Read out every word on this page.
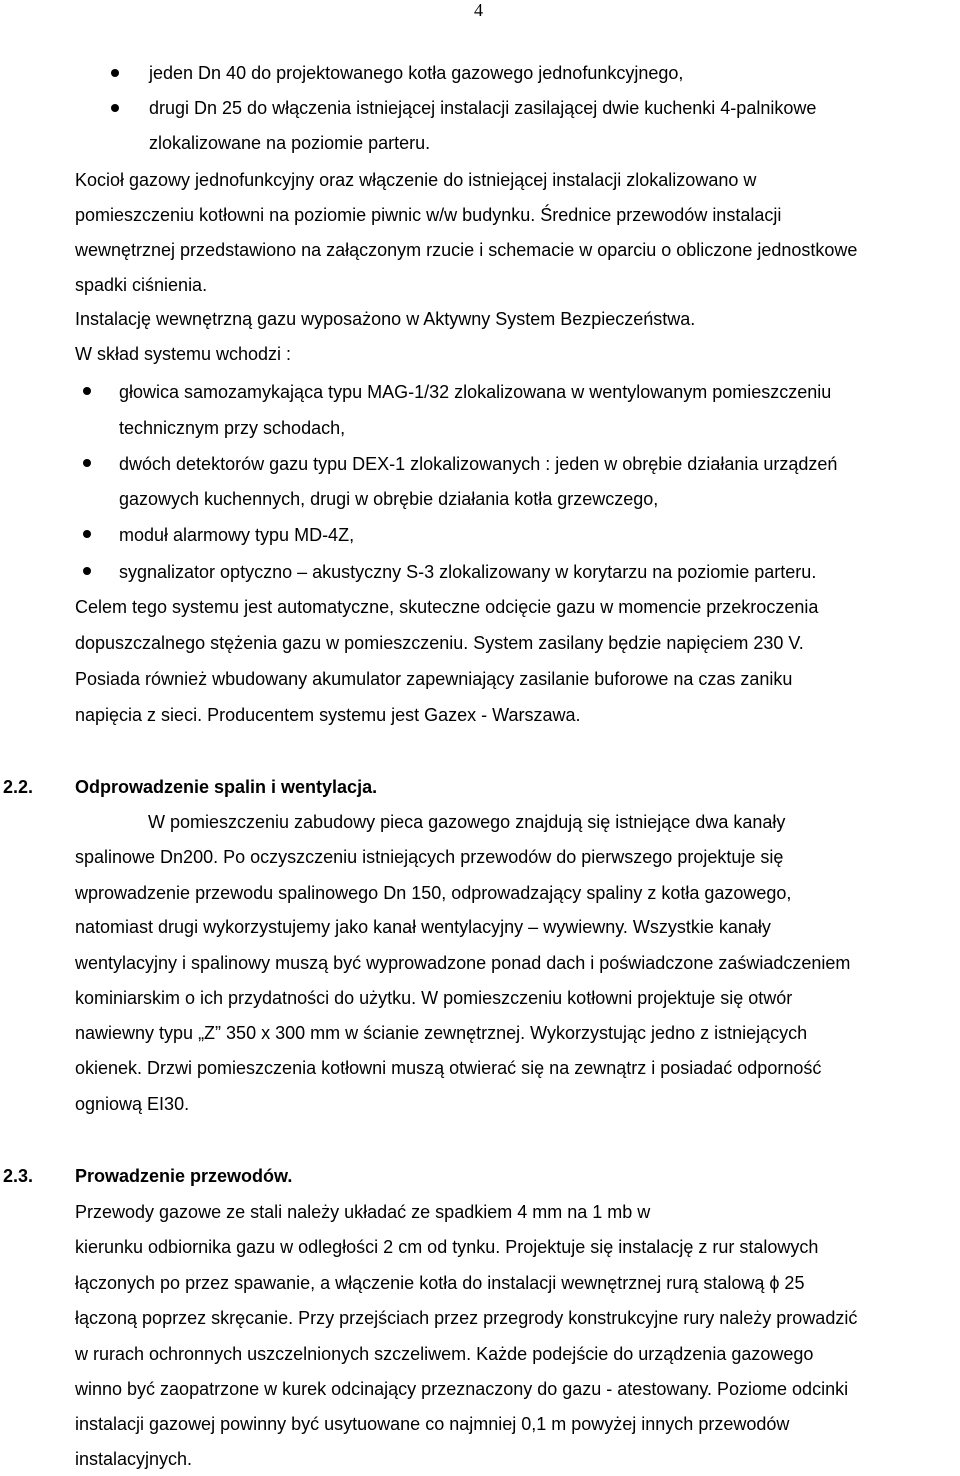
4
jeden Dn 40 do projektowanego kotła gazowego jednofunkcyjnego,
drugi Dn 25 do włączenia istniejącej instalacji zasilającej dwie kuchenki 4-palnikowe
zlokalizowane na poziomie parteru.
Kocioł gazowy jednofunkcyjny oraz włączenie do istniejącej instalacji zlokalizowano w
pomieszczeniu kotłowni na poziomie piwnic w/w budynku. Średnice przewodów instalacji
wewnętrznej przedstawiono na załączonym rzucie i schemacie w oparciu o obliczone jednostkowe
spadki ciśnienia.
Instalację wewnętrzną gazu wyposażono w Aktywny System Bezpieczeństwa.
W skład systemu wchodzi :
głowica samozamykająca typu MAG-1/32 zlokalizowana w wentylowanym pomieszczeniu
technicznym przy schodach,
dwóch detektorów gazu typu DEX-1 zlokalizowanych : jeden w obrębie działania urządzeń
gazowych kuchennych, drugi w obrębie działania kotła grzewczego,
moduł alarmowy typu MD-4Z,
sygnalizator optyczno – akustyczny S-3 zlokalizowany w korytarzu na poziomie parteru.
Celem tego systemu jest automatyczne, skuteczne odcięcie gazu w momencie przekroczenia
dopuszczalnego stężenia gazu w pomieszczeniu. System zasilany będzie napięciem 230 V.
Posiada również wbudowany akumulator zapewniający zasilanie buforowe na czas zaniku
napięcia z sieci. Producentem systemu jest Gazex - Warszawa.
2.2. Odprowadzenie spalin i wentylacja.
W pomieszczeniu zabudowy pieca gazowego znajdują się istniejące dwa kanały
spalinowe Dn200. Po oczyszczeniu istniejących przewodów do pierwszego projektuje się
wprowadzenie przewodu spalinowego Dn 150, odprowadzający spaliny z kotła gazowego,
natomiast drugi wykorzystujemy jako kanał wentylacyjny – wywiewny. Wszystkie kanały
wentylacyjny i spalinowy muszą być wyprowadzone ponad dach i poświadczone zaświadczeniem
kominiarskim o ich przydatności do użytku. W pomieszczeniu kotłowni projektuje się otwór
nawiewny typu „Z” 350 x 300 mm w ścianie zewnętrznej. Wykorzystując jedno z istniejących
okienek. Drzwi pomieszczenia kotłowni muszą otwierać się na zewnątrz i posiadać odporność
ogniową EI30.
2.3. Prowadzenie przewodów.
Przewody gazowe ze stali należy układać ze spadkiem 4 mm na 1 mb w
kierunku odbiornika gazu w odległości 2 cm od tynku. Projektuje się instalację z rur stalowych
łączonych po przez spawanie, a włączenie kotła do instalacji wewnętrznej rurą stalową ϕ 25
łączoną poprzez skręcanie. Przy przejściach przez przegrody konstrukcyjne rury należy prowadzić
w rurach ochronnych uszczelnionych szczeliwem. Każde podejście do urządzenia gazowego
winno być zaopatrzone w kurek odcinający przeznaczony do gazu - atestowany. Poziome odcinki
instalacji gazowej powinny być usytuowane co najmniej 0,1 m powyżej innych przewodów
instalacyjnych.
